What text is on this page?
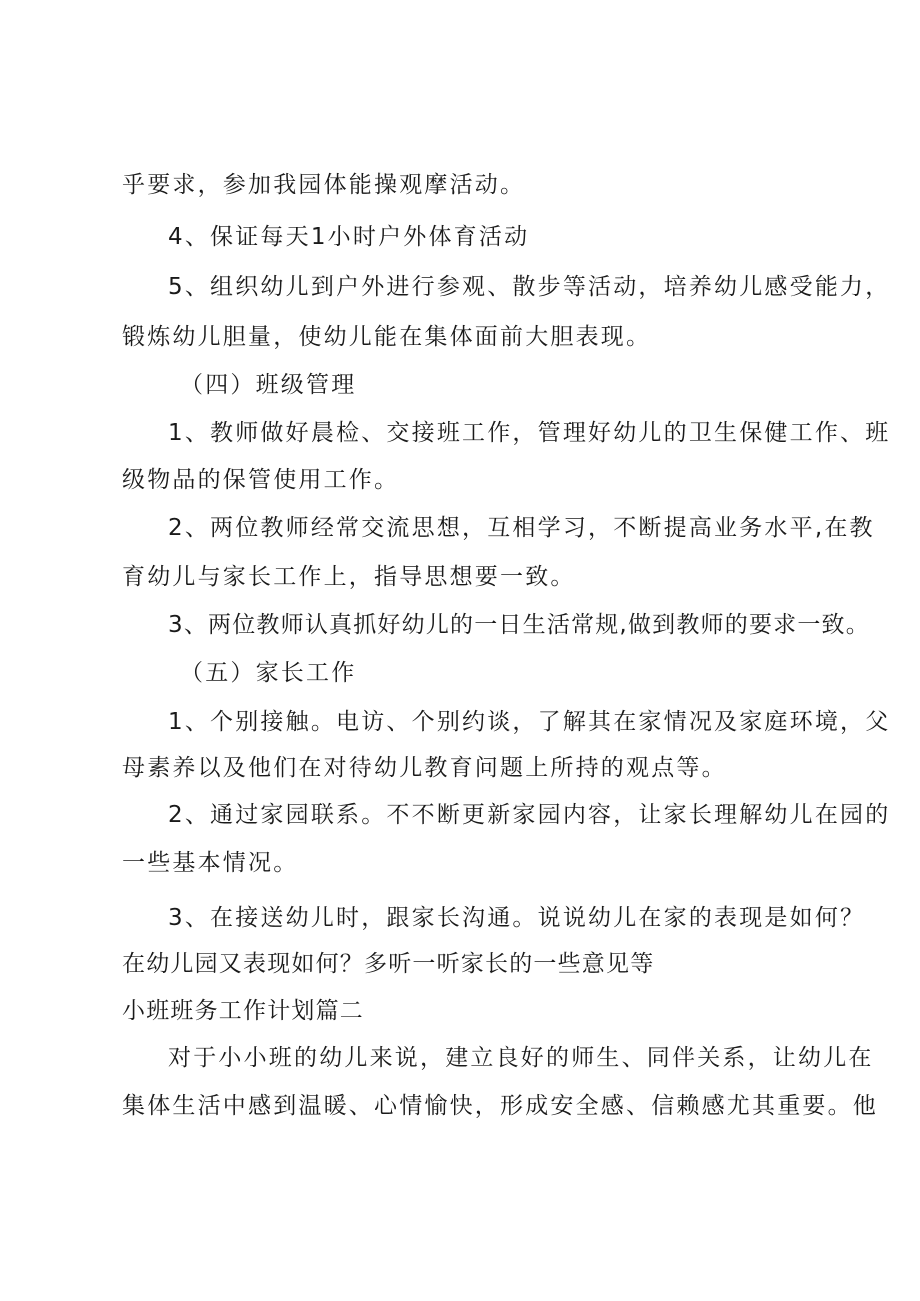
乎要求，参加我园体能操观摩活动。
4、保证每天1小时户外体育活动
5、组织幼儿到户外进行参观、散步等活动，培养幼儿感受能力，
锻炼幼儿胆量，使幼儿能在集体面前大胆表现。
（四）班级管理
1、教师做好晨检、交接班工作，管理好幼儿的卫生保健工作、班
级物品的保管使用工作。
2、两位教师经常交流思想，互相学习，不断提高业务水平,在教
育幼儿与家长工作上，指导思想要一致。
3、两位教师认真抓好幼儿的一日生活常规,做到教师的要求一致。
（五）家长工作
1、个别接触。电访、个别约谈，了解其在家情况及家庭环境，父
母素养以及他们在对待幼儿教育问题上所持的观点等。
2、通过家园联系。不不断更新家园内容，让家长理解幼儿在园的
一些基本情况。
3、在接送幼儿时，跟家长沟通。说说幼儿在家的表现是如何？
在幼儿园又表现如何？多听一听家长的一些意见等
小班班务工作计划篇二
对于小小班的幼儿来说，建立良好的师生、同伴关系，让幼儿在
集体生活中感到温暖、心情愉快，形成安全感、信赖感尤其重要。他
